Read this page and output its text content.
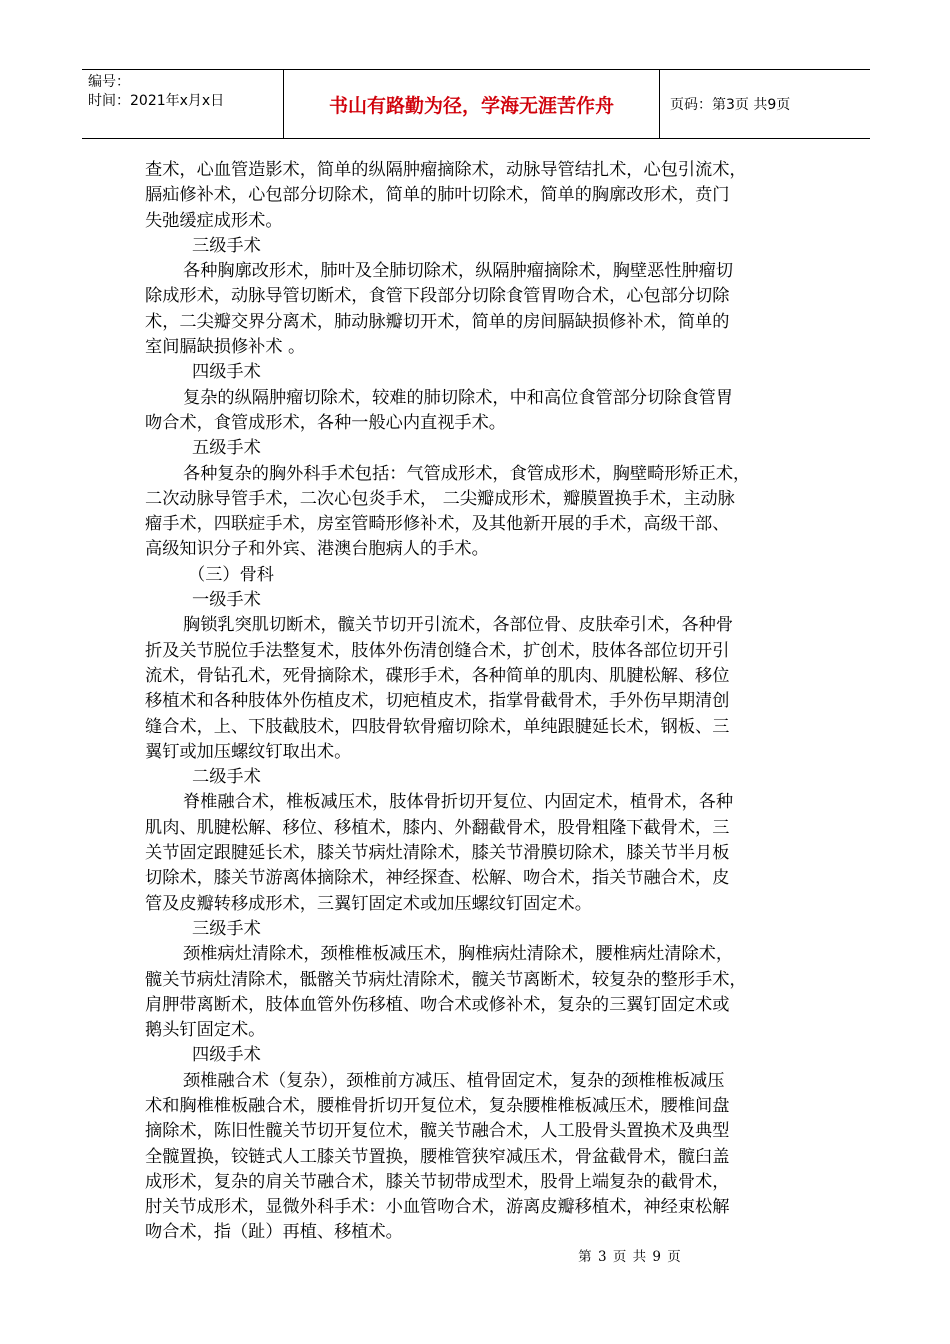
编号：
时间：2021年x月x日	书山有路勤为径，学海无涯苦作舟	页码：第3页 共9页
查术，心血管造影术，简单的纵隔肿瘤摘除术，动脉导管结扎术，心包引流术，
膈疝修补术，心包部分切除术，简单的肺叶切除术，简单的胸廓改形术，贲门
失弛缓症成形术。
三级手术
各种胸廓改形术，肺叶及全肺切除术，纵隔肿瘤摘除术，胸壁恶性肿瘤切
除成形术，动脉导管切断术，食管下段部分切除食管胃吻合术，心包部分切除
术，二尖瓣交界分离术，肺动脉瓣切开术，简单的房间膈缺损修补术，简单的
室间膈缺损修补术 。
四级手术
复杂的纵隔肿瘤切除术，较难的肺切除术，中和高位食管部分切除食管胃
吻合术，食管成形术，各种一般心内直视手术。
五级手术
各种复杂的胸外科手术包括：气管成形术，食管成形术，胸壁畸形矫正术，
二次动脉导管手术，二次心包炎手术， 二尖瓣成形术，瓣膜置换手术，主动脉
瘤手术，四联症手术，房室管畸形修补术，及其他新开展的手术，高级干部、
高级知识分子和外宾、港澳台胞病人的手术。
（三）骨科
一级手术
胸锁乳突肌切断术，髋关节切开引流术，各部位骨、皮肤牵引术，各种骨
折及关节脱位手法整复术，肢体外伤清创缝合术，扩创术，肢体各部位切开引
流术，骨钻孔术，死骨摘除术，碟形手术，各种简单的肌肉、肌腱松解、移位
移植术和各种肢体外伤植皮术，切疤植皮术，指掌骨截骨术，手外伤早期清创
缝合术，上、下肢截肢术，四肢骨软骨瘤切除术，单纯跟腱延长术，钢板、三
翼钉或加压螺纹钉取出术。
二级手术
脊椎融合术，椎板减压术，肢体骨折切开复位、内固定术，植骨术，各种
肌肉、肌腱松解、移位、移植术，膝内、外翻截骨术，股骨粗隆下截骨术，三
关节固定跟腱延长术，膝关节病灶清除术，膝关节滑膜切除术，膝关节半月板
切除术，膝关节游离体摘除术，神经探查、松解、吻合术，指关节融合术，皮
管及皮瓣转移成形术，三翼钉固定术或加压螺纹钉固定术。
三级手术
颈椎病灶清除术，颈椎椎板减压术，胸椎病灶清除术，腰椎病灶清除术，
髋关节病灶清除术，骶髂关节病灶清除术，髋关节离断术，较复杂的整形手术，
肩胛带离断术，肢体血管外伤移植、吻合术或修补术，复杂的三翼钉固定术或
鹅头钉固定术。
四级手术
颈椎融合术（复杂），颈椎前方减压、植骨固定术，复杂的颈椎椎板减压
术和胸椎椎板融合术，腰椎骨折切开复位术，复杂腰椎椎板减压术，腰椎间盘
摘除术，陈旧性髋关节切开复位术，髋关节融合术，人工股骨头置换术及典型
全髋置换，铰链式人工膝关节置换，腰椎管狭窄减压术，骨盆截骨术，髋臼盖
成形术，复杂的肩关节融合术，膝关节韧带成型术，股骨上端复杂的截骨术，
肘关节成形术，显微外科手术：小血管吻合术，游离皮瓣移植术，神经束松解
吻合术，指（趾）再植、移植术。
第 3 页 共 9 页
